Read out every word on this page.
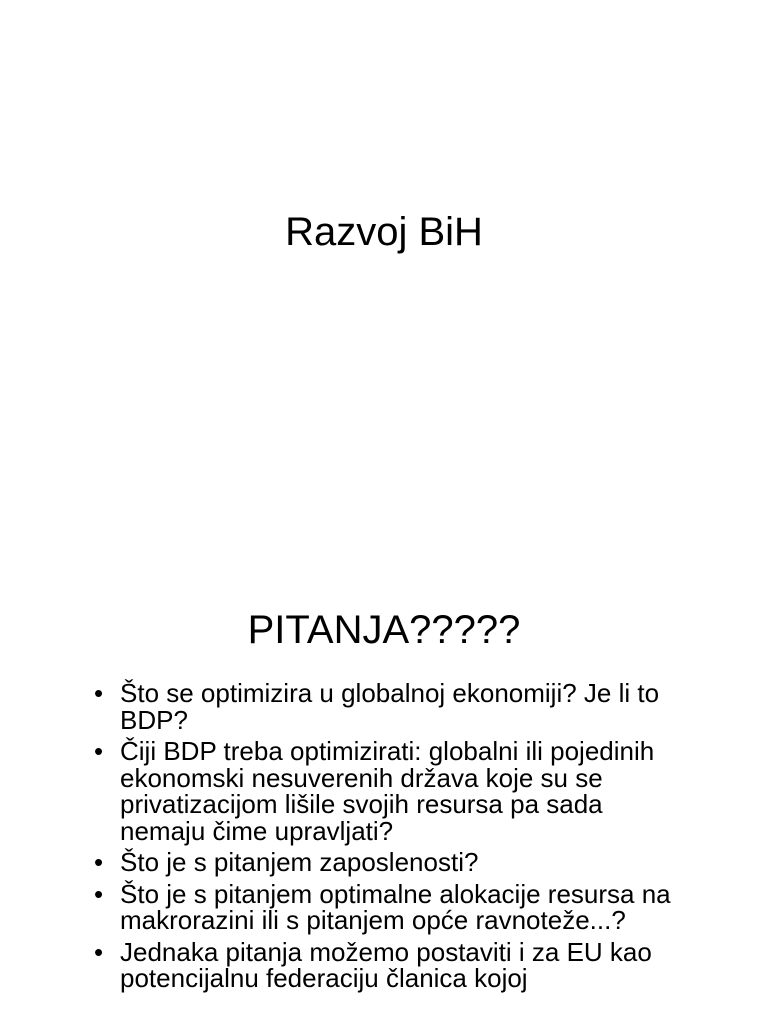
Razvoj BiH
PITANJA?????
• Što se optimizira u globalnoj ekonomiji? Je li to BDP?
• Čiji BDP treba optimizirati: globalni ili pojedinih ekonomski nesuverenih država koje su se privatizacijom lišile svojih resursa pa sada nemaju čime upravljati?
• Što je s pitanjem zaposlenosti?
• Što je s pitanjem optimalne alokacije resursa na makrorazini ili s pitanjem opće ravnoteže...?
• Jednaka pitanja možemo postaviti i za EU kao potencijalnu federaciju članica kojoj
